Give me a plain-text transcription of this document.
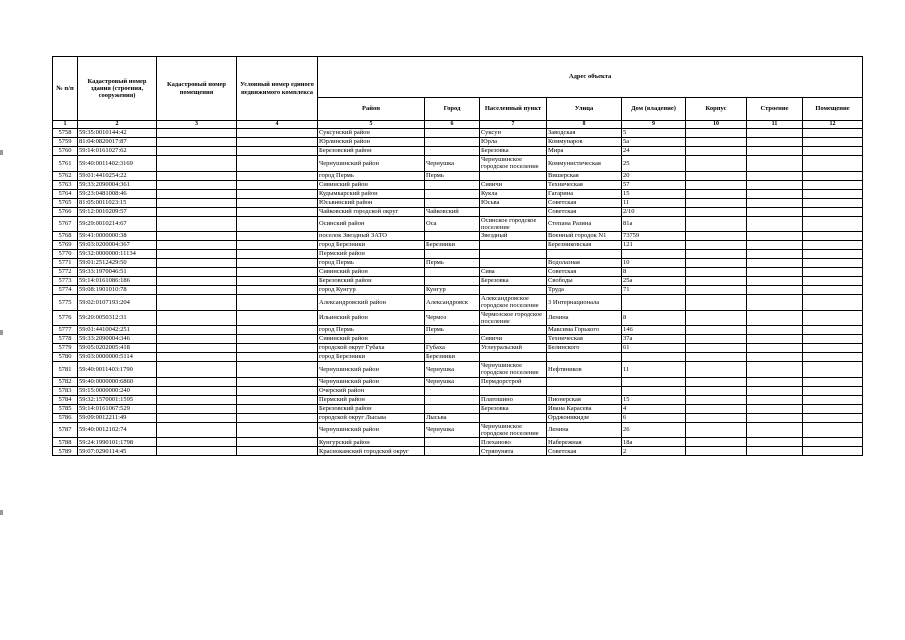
№ п/п	Кадастровый номер здания (строения, сооружения)	Кадастровый номер помещения	Условный номер единого недвижимого комплекса	Адрес объекта							
				Район	Город	Населенный пункт	Улица	Дом (владение)	Корпус	Строение	Помещение
1	2	3	4	5	6	7	8	9	10	11	12
5758	59:35:0010144:42			Суксунский район		Суксун	Заводская	5			
5759	81:04:0820017:87			Юрлинский район		Юрла	Коммунаров	5а			
5760	59:14:0161027:62			Березовский район		Березовка	Мира	24			
5761	59:40:0011402:3169			Чернушинский район	Чернушка	Чернушинское городское поселение	Коммунистическая	25			
5762	59:01:4410254:22			город Пермь	Пермь		Вишерская	20			
5763	59:33:2090004:361			Сивинский район		Сивичи	Техническая	57			
5764	59:23:0481008:46			Кудымкарский район		Кукла	Гагарина	15			
5765	81:05:0011023:15			Юсьвинский район		Юсьва	Советская	11			
5766	59:12:0010209:57			Чайковский городской округ	Чайковский		Советская	2/10			
5767	59:29:0010214:67			Осинский район	Оса	Осинское городское поселение	Степана Разина	81а			
5768	59:41:0000000:38			поселок Звездный ЗАТО		Звездный	Военный городок N1	73759			
5769	59:03:0200004:367			город Березники	Березники		Березниковская	121			
5770	59:32:0000000:11134			Пермский район							
5771	59:01:2512429:50			город Пермь	Пермь		Водолазная	10			
5772	59:33:1970046:51			Сивинский район		Сива	Советская	8			
5773	59:14:0161086:186			Березовский район		Березовка	Свободы	25а			
5774	59:08:1901010:78			город Кунгур	Кунгур		Труда	71			
5775	59:02:0107193:204			Александровский район	Александровск	Александровское городское поселение	3 Интернационала				
5776	59:20:0050312:31			Ильинский район	Чермоз	Чермозское городское поселение	Ленина	8			
5777	59:01:4410042:251			город Пермь	Пермь		Максима Горького	146			
5778	59:33:2090004:346			Сивинский район		Сивичи	Техническая	37а			
5779	59:05:0202005:418			городской округ Губаха	Губаха	Углеуральский	Белинского	61			
5780	59:03:0000000:5114			город Березники	Березники						
5781	59:40:0011403:1790			Чернушинский район	Чернушка	Чернушинское городское поселение	Нефтяников	11			
5782	59:40:0000000:6860			Чернушинский район	Чернушка	Пермдорстрой					
5783	59:15:0000000:240			Очерский район							
5784	59:32:1570001:1595			Пермский район		Платошино	Пионерская	15			
5785	59:14:0161067:529			Березовский район		Березовка	Ивана Карасева	4			
5786	59:09:0012211:49			городской округ Лысьва	Лысьва		Орджоникидзе	6			
5787	59:40:0012102:74			Чернушинский район	Чернушка	Чернушинское городское поселение	Ленина	26			
5788	59:24:1990101:1798			Кунгурский район		Плеханово	Набережная	18а			
5789	59:07:0290114:45			Краснокамский городской округ		Стряпунята	Советская	2			
